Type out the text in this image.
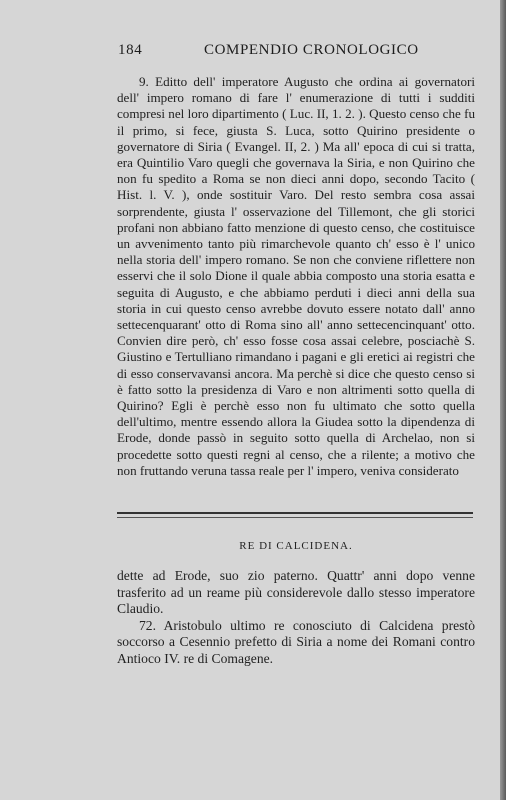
184	COMPENDIO CRONOLOGICO

9. Editto dell' imperatore Augusto che ordina ai governatori dell' impero romano di fare l' enumerazione di tutti i sudditi compresi nel loro dipartimento ( Luc. II, 1. 2. ). Questo censo che fu il primo, si fece, giusta S. Luca, sotto Quirino presidente o governatore di Siria ( Evangel. II, 2. ) Ma all' epoca di cui si tratta, era Quintilio Varo quegli che governava la Siria, e non Quirino che non fu spedito a Roma se non dieci anni dopo, secondo Tacito ( Hist. l. V. ), onde sostituir Varo. Del resto sembra cosa assai sorprendente, giusta l' osservazione del Tillemont, che gli storici profani non abbiano fatto menzione di questo censo, che costituisce un avvenimento tanto più rimarchevole quanto ch' esso è l' unico nella storia dell' impero romano. Se non che conviene riflettere non esservi che il solo Dione il quale abbia composto una storia esatta e seguita di Augusto, e che abbiamo perduti i dieci anni della sua storia in cui questo censo avrebbe dovuto essere notato dall' anno settecenquarant' otto di Roma sino all' anno settecencinquant' otto. Convien dire però, ch' esso fosse cosa assai celebre, posciachè S. Giustino e Tertulliano rimandano i pagani e gli eretici ai registri che di esso conservavansi ancora. Ma perchè si dice che questo censo si è fatto sotto la presidenza di Varo e non altrimenti sotto quella di Quirino? Egli è perchè esso non fu ultimato che sotto quella dell'ultimo, mentre essendo allora la Giudea sotto la dipendenza di Erode, donde passò in seguito sotto quella di Archelao, non si procedette sotto questi regni al censo, che a rilente; a motivo che non fruttando veruna tassa reale per l' impero, veniva considerato

RE DI CALCIDENA.

dette ad Erode, suo zio paterno. Quattr' anni dopo venne trasferito ad un reame più considerevole dallo stesso imperatore Claudio.

72. Aristobulo ultimo re conosciuto di Calcidena prestò soccorso a Cesennio prefetto di Siria a nome dei Romani contro Antioco IV. re di Comagene.
